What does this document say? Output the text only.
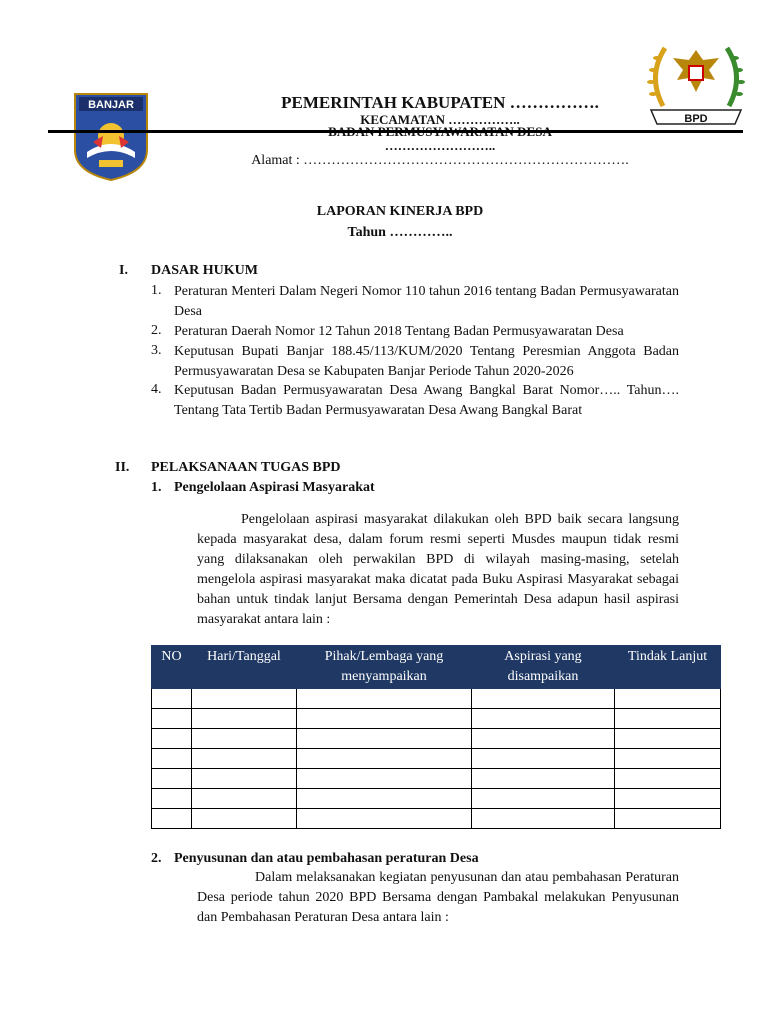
BANJAR
BPD
PEMERINTAH KABUPATEN …………….
KECAMATAN ……………..
BADAN PERMUSYAWARATAN DESA
……………………..
Alamat : …………………………………………………………….
LAPORAN KINERJA BPD
Tahun …………..
I. DASAR HUKUM
1. Peraturan Menteri Dalam Negeri Nomor 110 tahun 2016 tentang Badan Permusyawaratan Desa
2. Peraturan Daerah Nomor 12 Tahun 2018 Tentang Badan Permusyawaratan Desa
3. Keputusan Bupati Banjar 188.45/113/KUM/2020 Tentang Peresmian Anggota Badan Permusyawaratan Desa se Kabupaten Banjar Periode Tahun 2020-2026
4. Keputusan Badan Permusyawaratan Desa Awang Bangkal Barat Nomor….. Tahun…. Tentang Tata Tertib Badan Permusyawaratan Desa Awang Bangkal Barat
II. PELAKSANAAN TUGAS BPD
1. Pengelolaan Aspirasi Masyarakat
Pengelolaan aspirasi masyarakat dilakukan oleh BPD baik secara langsung kepada masyarakat desa, dalam forum resmi seperti Musdes maupun tidak resmi yang dilaksanakan oleh perwakilan BPD di wilayah masing-masing, setelah mengelola aspirasi masyarakat maka dicatat pada Buku Aspirasi Masyarakat sebagai bahan untuk tindak lanjut Bersama dengan Pemerintah Desa adapun hasil aspirasi masyarakat antara lain :
NO	Hari/Tanggal	Pihak/Lembaga yang menyampaikan	Aspirasi yang disampaikan	Tindak Lanjut

2. Penyusunan dan atau pembahasan peraturan Desa
Dalam melaksanakan kegiatan penyusunan dan atau pembahasan Peraturan Desa periode tahun 2020 BPD Bersama dengan Pambakal melakukan Penyusunan dan Pembahasan Peraturan Desa antara lain :
